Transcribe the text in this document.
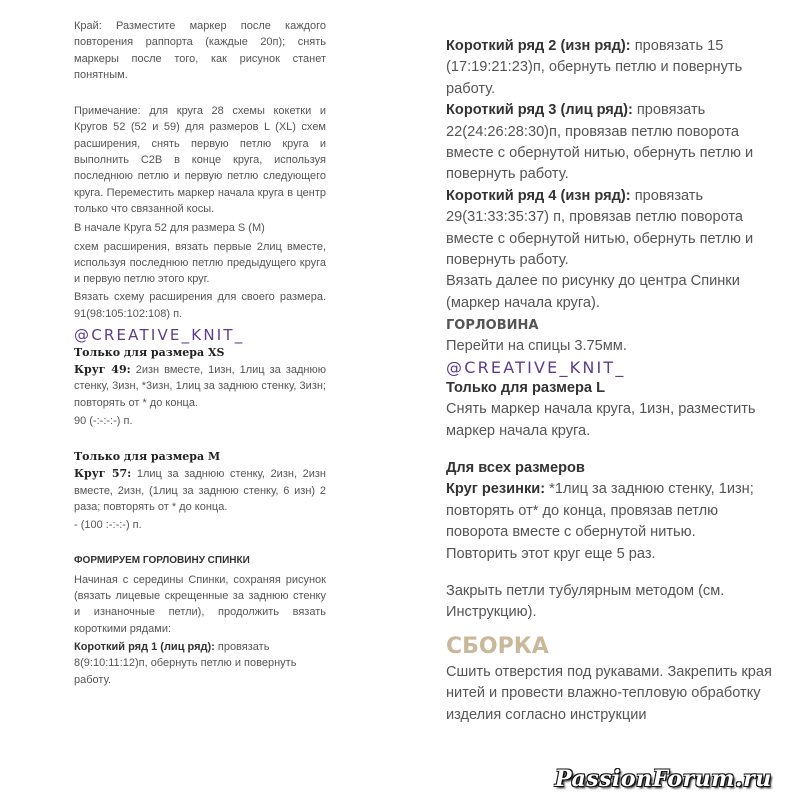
Край: Разместите маркер после каждого повторения раппорта (каждые 20п); снять маркеры после того, как рисунок станет понятным.

Примечание: для круга 28 схемы кокетки и Кругов 52 (52 и 59) для размеров L (XL) схем расширения, снять первую петлю круга и выполнить С2В в конце круга, используя последнюю петлю и первую петлю следующего круга. Переместить маркер начала круга в центр только что связанной косы.

В начале Круга 52 для размера S (M)

схем расширения, вязать первые 2лиц вместе, используя последнюю петлю предыдущего круга и первую петлю этого круг.

Вязать схему расширения для своего размера. 91(98:105:102:108) п.

@CREATIVE_KNIT_

Только для размера XS

Круг 49: 2изн вместе, 1изн, 1лиц за заднюю стенку, 3изн, *3изн, 1лиц за заднюю стенку, 3изн; повторять от * до конца.

90 (-:-:-:-) п.

Только для размера М

Круг 57: 1лиц за заднюю стенку, 2изн, 2изн вместе, 2изн, (1лиц за заднюю стенку, 6 изн) 2 раза; повторять от * до конца.

- (100 :-:-:-) п.

ФОРМИРУЕМ ГОРЛОВИНУ СПИНКИ

Начиная с середины Спинки, сохраняя рисунок (вязать лицевые скрещенные за заднюю стенку и изнаночные петли), продолжить вязать короткими рядами:

Короткий ряд 1 (лиц ряд): провязать 8(9:10:11:12)п, обернуть петлю и повернуть работу.

Короткий ряд 2 (изн ряд): провязать 15 (17:19:21:23)п, обернуть петлю и повернуть работу.

Короткий ряд 3 (лиц ряд): провязать 22(24:26:28:30)п, провязав петлю поворота вместе с обернутой нитью, обернуть петлю и повернуть работу.

Короткий ряд 4 (изн ряд): провязать 29(31:33:35:37) п, провязав петлю поворота вместе с обернутой нитью, обернуть петлю и повернуть работу.

Вязать далее по рисунку до центра Спинки (маркер начала круга).

ГОРЛОВИНА

Перейти на спицы 3.75мм.

@CREATIVE_KNIT_

Только для размера L

Снять маркер начала круга, 1изн, разместить маркер начала круга.

Для всех размеров

Круг резинки: *1лиц за заднюю стенку, 1изн; повторять от* до конца, провязав петлю поворота вместе с обернутой нитью.

Повторить этот круг еще 5 раз.

Закрыть петли тубулярным методом (см. Инструкцию).

СБОРКА

Сшить отверстия под рукавами. Закрепить края нитей и провести влажно-тепловую обработку изделия согласно инструкции

PassionForum.ru
